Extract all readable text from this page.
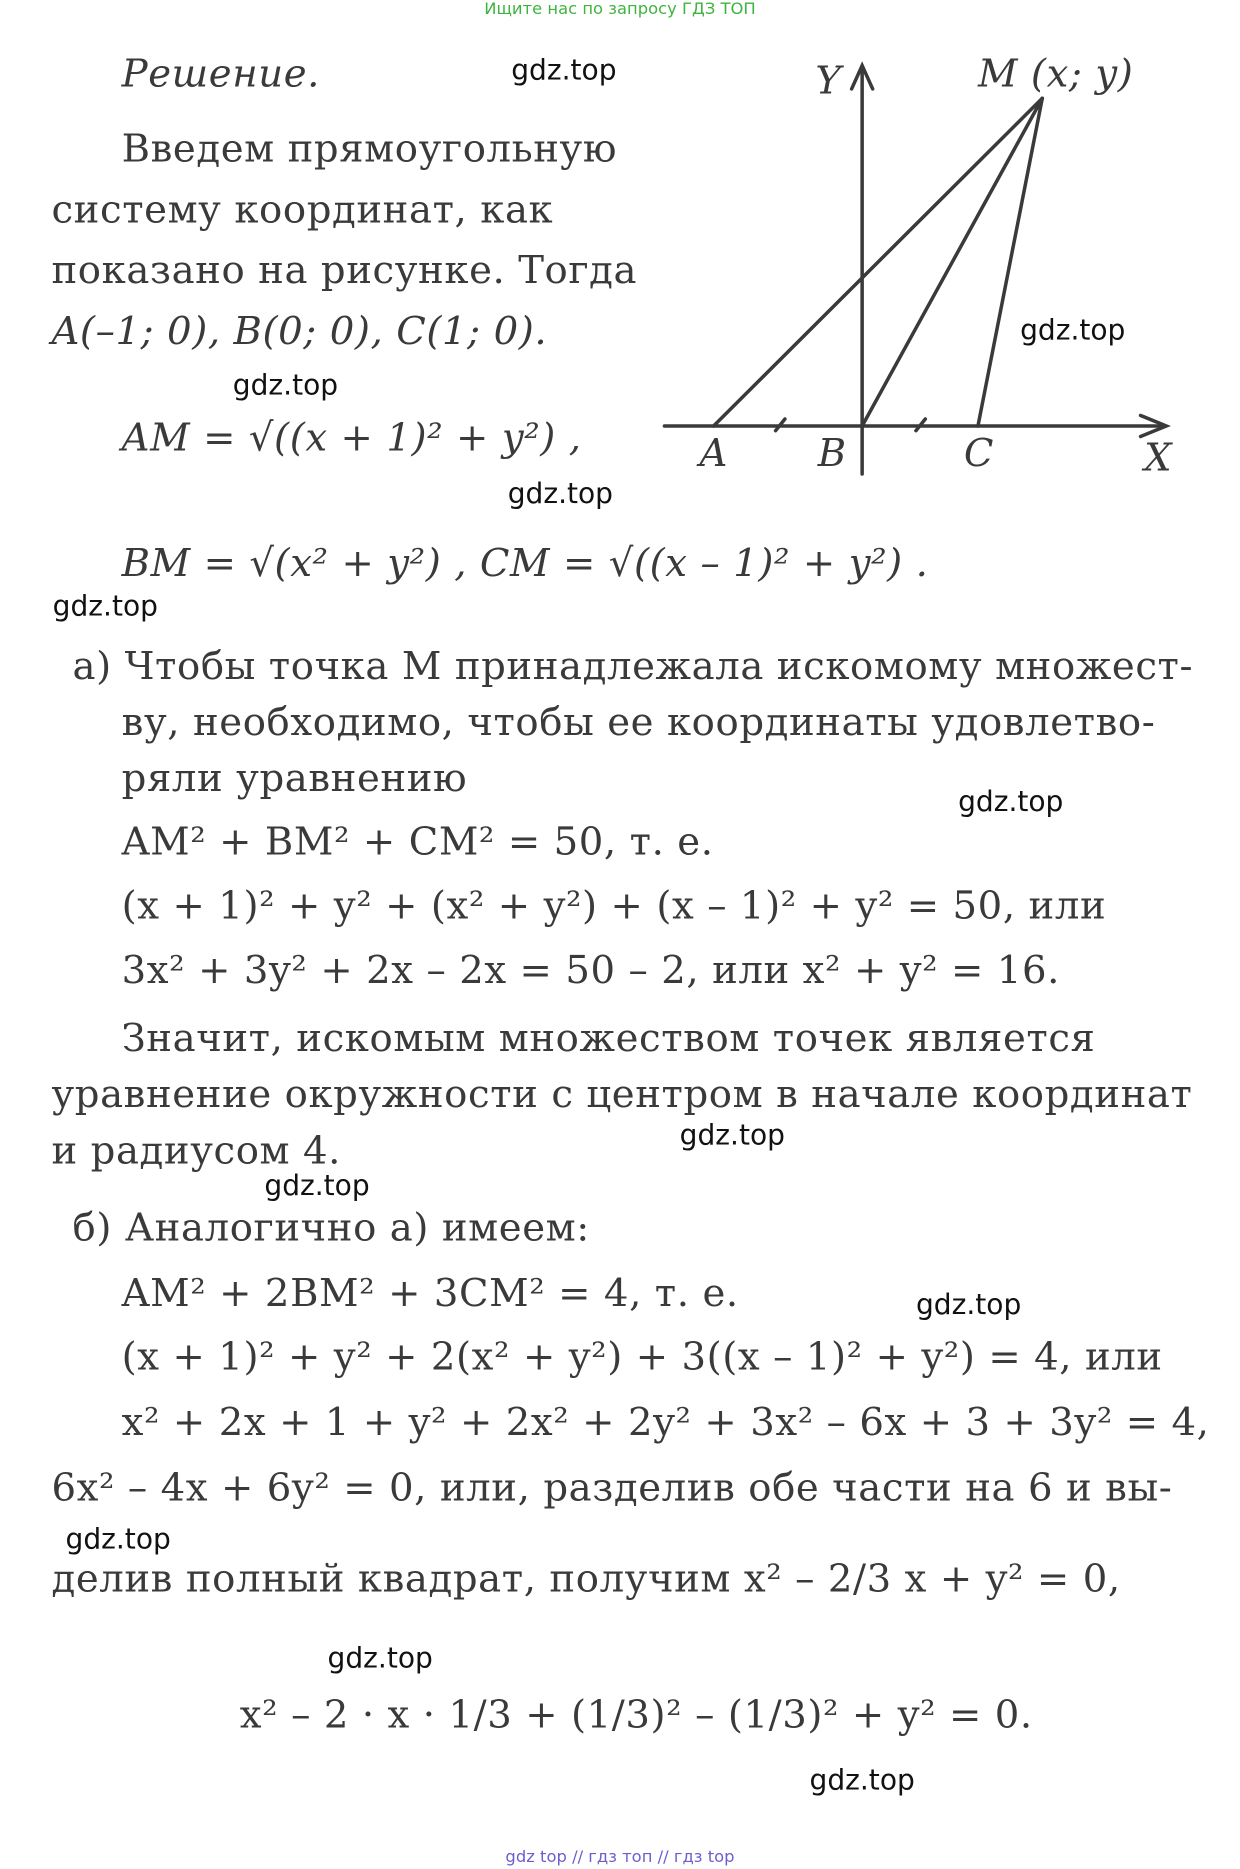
Ищите нас по запросу ГДЗ ТОП
Y	M (x; y)
X
A	B	C
Решение.
Введем прямоугольную
систему координат, как
показано на рисунке. Тогда
A(–1; 0), B(0; 0), C(1; 0).
AM = √((x + 1)² + y²) ,
BM = √(x² + y²) , CM = √((x – 1)² + y²) .
а) Чтобы точка M принадлежала искомому множест-
ву, необходимо, чтобы ее координаты удовлетво-
ряли уравнению
AM² + BM² + CM² = 50, т. е.
(x + 1)² + y² + (x² + y²) + (x – 1)² + y² = 50, или
3x² + 3y² + 2x – 2x = 50 – 2, или x² + y² = 16.
Значит, искомым множеством точек является
уравнение окружности с центром в начале координат
и радиусом 4.
б) Аналогично а) имеем:
AM² + 2BM² + 3CM² = 4, т. е.
(x + 1)² + y² + 2(x² + y²) + 3((x – 1)² + y²) = 4, или
x² + 2x + 1 + y² + 2x² + 2y² + 3x² – 6x + 3 + 3y² = 4,
6x² – 4x + 6y² = 0, или, разделив обе части на 6 и вы-
делив полный квадрат, получим x² – 2/3 x + y² = 0,
x² – 2 · x · 1/3 + (1/3)² – (1/3)² + y² = 0.
gdz.top
gdz.top
gdz.top
gdz.top
gdz.top
gdz.top
gdz.top
gdz.top
gdz.top
gdz.top
gdz.top
gdz.top
gdz top // гдз топ // гдз top
